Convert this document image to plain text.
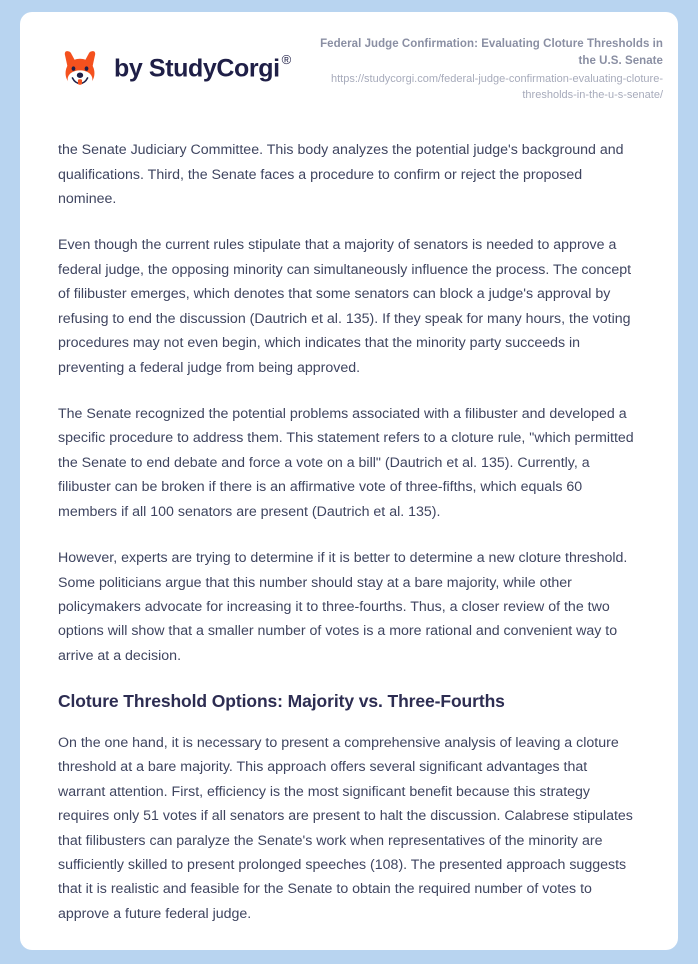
by StudyCorgi ®
Federal Judge Confirmation: Evaluating Cloture Thresholds in the U.S. Senate
https://studycorgi.com/federal-judge-confirmation-evaluating-cloture-thresholds-in-the-u-s-senate/

the Senate Judiciary Committee. This body analyzes the potential judge's background and qualifications. Third, the Senate faces a procedure to confirm or reject the proposed nominee.

Even though the current rules stipulate that a majority of senators is needed to approve a federal judge, the opposing minority can simultaneously influence the process. The concept of filibuster emerges, which denotes that some senators can block a judge's approval by refusing to end the discussion (Dautrich et al. 135). If they speak for many hours, the voting procedures may not even begin, which indicates that the minority party succeeds in preventing a federal judge from being approved.

The Senate recognized the potential problems associated with a filibuster and developed a specific procedure to address them. This statement refers to a cloture rule, "which permitted the Senate to end debate and force a vote on a bill" (Dautrich et al. 135). Currently, a filibuster can be broken if there is an affirmative vote of three-fifths, which equals 60 members if all 100 senators are present (Dautrich et al. 135).

However, experts are trying to determine if it is better to determine a new cloture threshold. Some politicians argue that this number should stay at a bare majority, while other policymakers advocate for increasing it to three-fourths. Thus, a closer review of the two options will show that a smaller number of votes is a more rational and convenient way to arrive at a decision.

Cloture Threshold Options: Majority vs. Three-Fourths

On the one hand, it is necessary to present a comprehensive analysis of leaving a cloture threshold at a bare majority. This approach offers several significant advantages that warrant attention. First, efficiency is the most significant benefit because this strategy requires only 51 votes if all senators are present to halt the discussion. Calabrese stipulates that filibusters can paralyze the Senate's work when representatives of the minority are sufficiently skilled to present prolonged speeches (108). The presented approach suggests that it is realistic and feasible for the Senate to obtain the required number of votes to approve a future federal judge.
